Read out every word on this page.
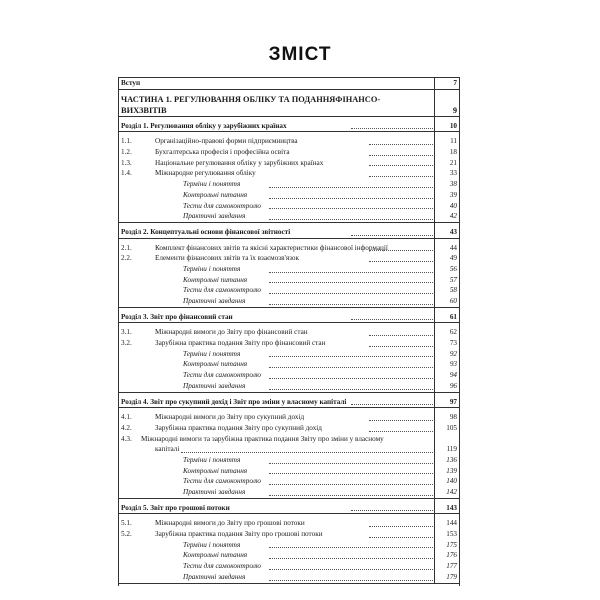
ЗМІСТ
Вступ	7
ЧАСТИНА 1. РЕГУЛЮВАННЯ ОБЛІКУ ТА ПОДАННЯФІНАНСО-
ВИХЗВІТІВ	9
Розділ 1. Регулювання обліку у зарубіжних країнах	10
1.1.	Організаційно-правові форми підприємництва	11
1.2.	Бухгалтерська професія і професійна освіта	18
1.3.	Національне регулювання обліку у зарубіжних країнах	21
1.4.	Міжнародне регулювання обліку	33
Терміни і поняття	38
Контрольні питання	39
Тести для самоконтролю	40
Практичні завдання	42
Розділ 2. Концептуальні основи фінансової звітності	43
2.1.	Комплект фінансових звітів та якісні характеристики фінансової інформації	44
2.2.	Елементи фінансових звітів та їх взаємозв'язок	49
Терміни і поняття	56
Контрольні питання	57
Тести для самоконтролю	58
Практичні завдання	60
Розділ 3. Звіт про фінансовий стан	61
3.1.	Міжнародні вимоги до Звіту про фінансовий стан	62
3.2.	Зарубіжна практика подання Звіту про фінансовий стан	73
Терміни і поняття	92
Контрольні питання	93
Тести для самоконтролю	94
Практичні завдання	96
Розділ 4. Звіт про сукупний дохід і Звіт про зміни у власному капіталі	97
4.1.	Міжнародні вимоги до Звіту про сукупний дохід	98
4.2.	Зарубіжна практика подання Звіту про сукупний дохід	105
4.3. Міжнародні вимоги та зарубіжна практика подання Звіту про зміни у власному
капіталі	119
Терміни і поняття	136
Контрольні питання	139
Тести для самоконтролю	140
Практичні завдання	142
Розділ 5. Звіт про грошові потоки	143
5.1.	Міжнародні вимоги до Звіту про грошові потоки	144
5.2.	Зарубіжна практика подання Звіту про грошові потоки	153
Терміни і поняття	175
Контрольні питання	176
Тести для самоконтролю	177
Практичні завдання	179
